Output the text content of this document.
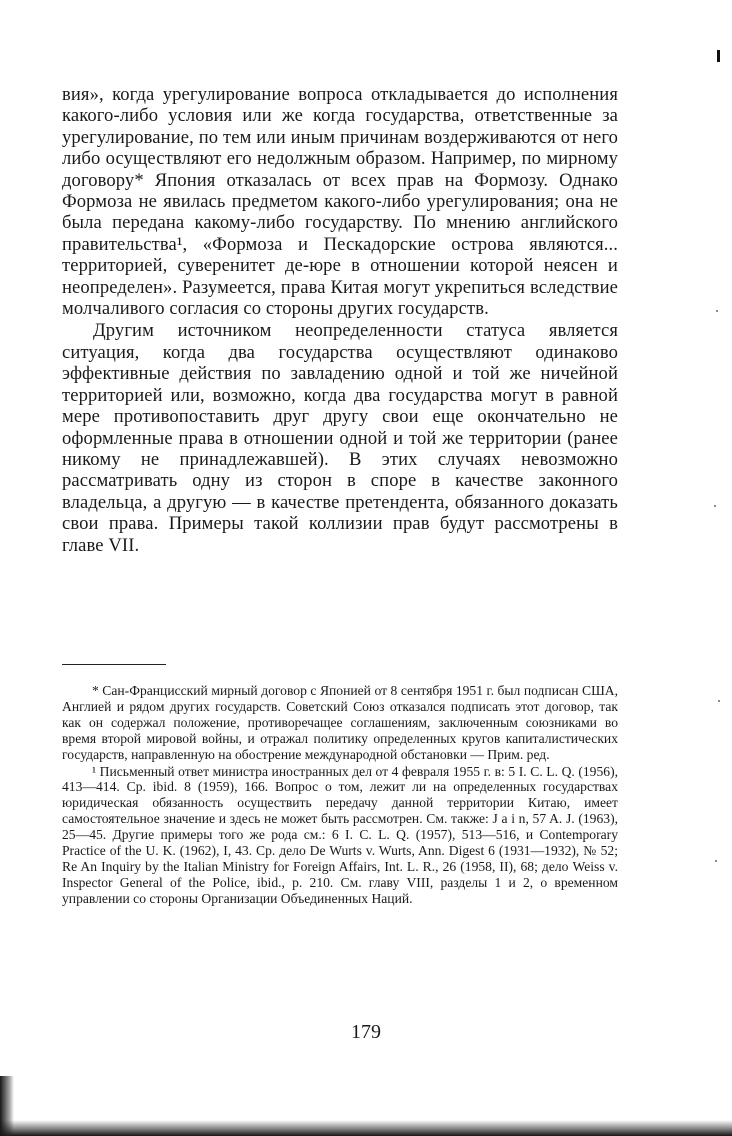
вия», когда урегулирование вопроса откладывается до исполнения какого-либо условия или же когда государства, ответственные за урегулирование, по тем или иным причинам воздерживаются от него либо осуществляют его недолжным образом. Например, по мирному договору* Япония отказалась от всех прав на Формозу. Однако Формоза не явилась предметом какого-либо урегулирования; она не была передана какому-либо государству. По мнению английского правительства¹, «Формоза и Пескадорские острова являются... территорией, суверенитет де-юре в отношении которой неясен и неопределен». Разумеется, права Китая могут укрепиться вследствие молчаливого согласия со стороны других государств.

Другим источником неопределенности статуса является ситуация, когда два государства осуществляют одинаково эффективные действия по завладению одной и той же ничейной территорией или, возможно, когда два государства могут в равной мере противопоставить друг другу свои еще окончательно не оформленные права в отношении одной и той же территории (ранее никому не принадлежавшей). В этих случаях невозможно рассматривать одну из сторон в споре в качестве законного владельца, а другую — в качестве претендента, обязанного доказать свои права. Примеры такой коллизии прав будут рассмотрены в главе VII.

* Сан-Францисский мирный договор с Японией от 8 сентября 1951 г. был подписан США, Англией и рядом других государств. Советский Союз отказался подписать этот договор, так как он содержал положение, противоречащее соглашениям, заключенным союзниками во время второй мировой войны, и отражал политику определенных кругов капиталистических государств, направленную на обострение международной обстановки — Прим. ред.

¹ Письменный ответ министра иностранных дел от 4 февраля 1955 г. в: 5 I. C. L. Q. (1956), 413—414. Ср. ibid. 8 (1959), 166. Вопрос о том, лежит ли на определенных государствах юридическая обязанность осуществить передачу данной территории Китаю, имеет самостоятельное значение и здесь не может быть рассмотрен. См. также: J a i n, 57 A. J. (1963), 25—45. Другие примеры того же рода см.: 6 I. C. L. Q. (1957), 513—516, и Contemporary Practice of the U. K. (1962), I, 43. Ср. дело De Wurts v. Wurts, Ann. Digest 6 (1931—1932), № 52; Re An Inquiry by the Italian Ministry for Foreign Affairs, Int. L. R., 26 (1958, II), 68; дело Weiss v. Inspector General of the Police, ibid., p. 210. См. главу VIII, разделы 1 и 2, о временном управлении со стороны Организации Объединенных Наций.

179
